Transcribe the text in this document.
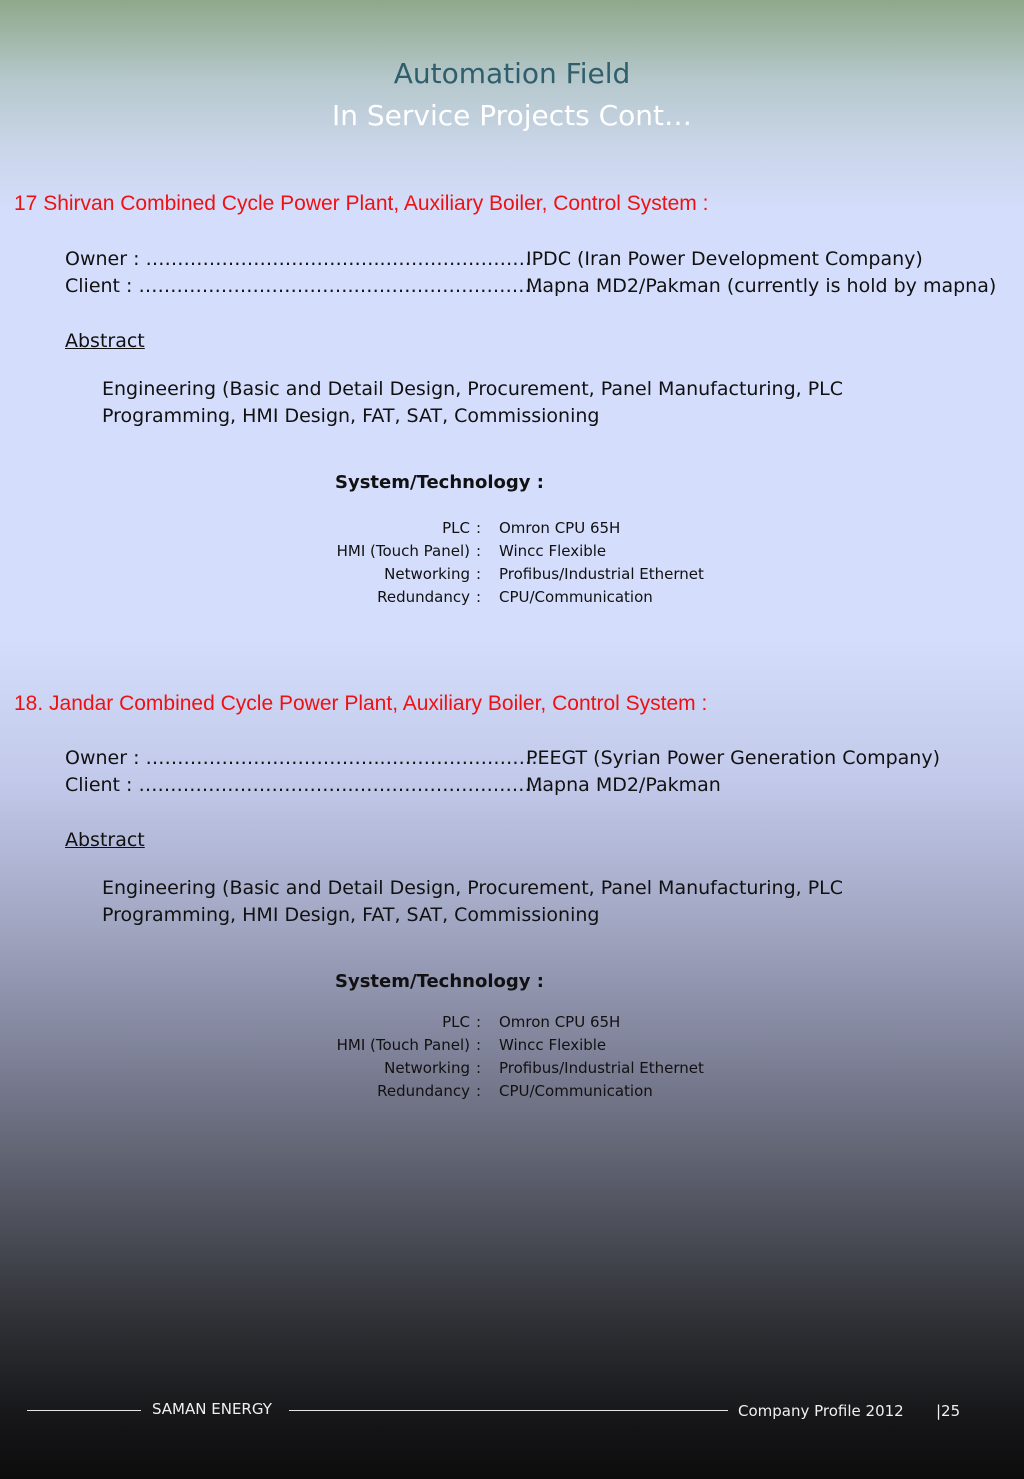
Automation Field
In Service Projects Cont…
17 Shirvan Combined Cycle Power Plant, Auxiliary Boiler, Control System :
Owner : ………………………………..……………………
IPDC (Iran Power Development Company)
Client : …………………………….…………………………
Mapna MD2/Pakman (currently is hold by mapna)
Abstract
Engineering (Basic and Detail Design, Procurement, Panel Manufacturing, PLC Programming, HMI Design, FAT, SAT, Commissioning
System/Technology :
PLC : Omron CPU 65H
HMI (Touch Panel) : Wincc Flexible
Networking : Profibus/Industrial Ethernet
Redundancy : CPU/Communication
18. Jandar Combined Cycle Power Plant, Auxiliary Boiler, Control System :
Owner : ………………………………..……………………
PEEGT (Syrian Power Generation Company)
Client : …………………………….…………………………
Mapna MD2/Pakman
Abstract
Engineering (Basic and Detail Design, Procurement, Panel Manufacturing, PLC Programming, HMI Design, FAT, SAT, Commissioning
System/Technology :
PLC : Omron CPU 65H
HMI (Touch Panel) : Wincc Flexible
Networking : Profibus/Industrial Ethernet
Redundancy : CPU/Communication
SAMAN ENERGY	Company Profile 2012 |25
